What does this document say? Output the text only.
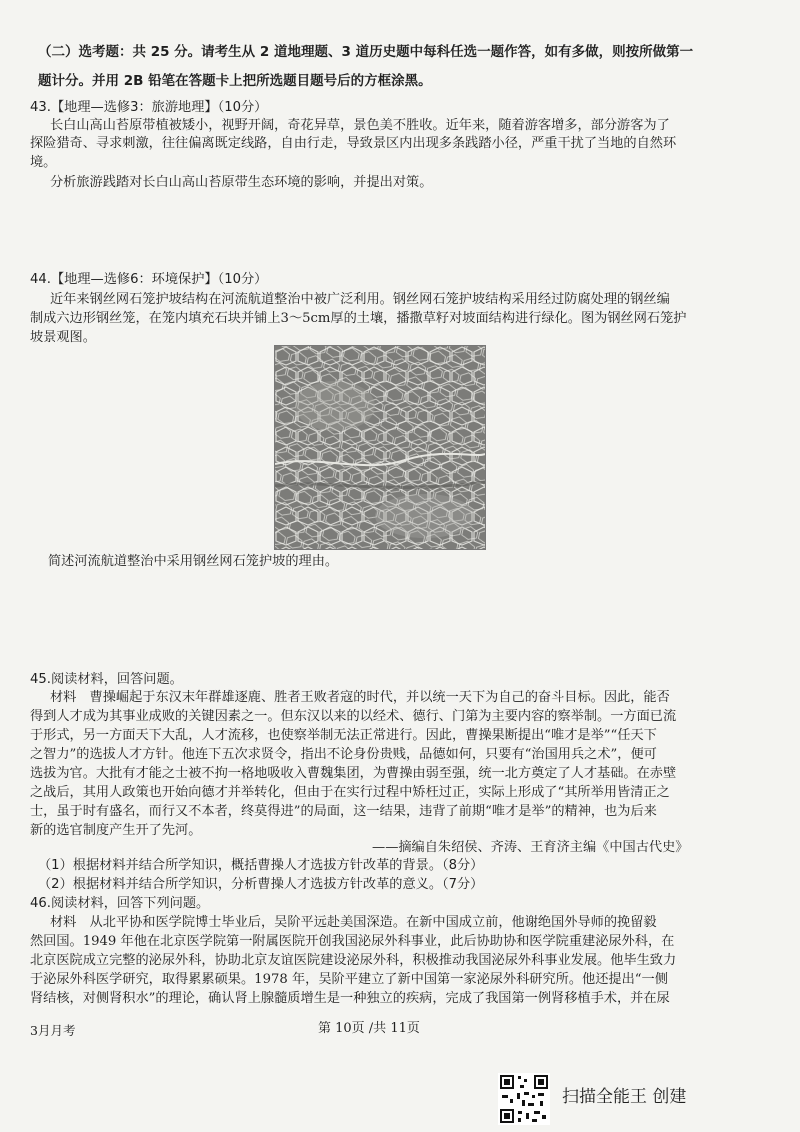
（二）选考题：共 25 分。请考生从 2 道地理题、3 道历史题中每科任选一题作答，如有多做，则按所做第一
题计分。并用 2B 铅笔在答题卡上把所选题目题号后的方框涂黑。
43.【地理—选修3：旅游地理】（10分）
长白山高山苔原带植被矮小，视野开阔，奇花异草，景色美不胜收。近年来，随着游客增多，部分游客为了
探险猎奇、寻求刺激，往往偏离既定线路，自由行走，导致景区内出现多条践踏小径，严重干扰了当地的自然环
境。
分析旅游践踏对长白山高山苔原带生态环境的影响，并提出对策。
44.【地理—选修6：环境保护】（10分）
近年来钢丝网石笼护坡结构在河流航道整治中被广泛利用。钢丝网石笼护坡结构采用经过防腐处理的钢丝编
制成六边形钢丝笼，在笼内填充石块并铺上3～5cm厚的土壤，播撒草籽对坡面结构进行绿化。图为钢丝网石笼护
坡景观图。
简述河流航道整治中采用钢丝网石笼护坡的理由。
45.阅读材料，回答问题。
材料　曹操崛起于东汉末年群雄逐鹿、胜者王败者寇的时代，并以统一天下为自己的奋斗目标。因此，能否
得到人才成为其事业成败的关键因素之一。但东汉以来的以经术、德行、门第为主要内容的察举制。一方面已流
于形式，另一方面天下大乱，人才流移，也使察举制无法正常进行。因此，曹操果断提出“唯才是举”“任天下
之智力”的选拔人才方针。他连下五次求贤令，指出不论身份贵贱，品德如何，只要有“治国用兵之术”，便可
选拔为官。大批有才能之士被不拘一格地吸收入曹魏集团，为曹操由弱至强，统一北方奠定了人才基础。在赤壁
之战后，其用人政策也开始向德才并举转化，但由于在实行过程中矫枉过正，实际上形成了“其所举用皆清正之
士，虽于时有盛名，而行又不本者，终莫得进”的局面，这一结果，违背了前期“唯才是举”的精神，也为后来
新的选官制度产生开了先河。
——摘编自朱绍侯、齐涛、王育济主编《中国古代史》
（1）根据材料并结合所学知识，概括曹操人才选拔方针改革的背景。（8分）
（2）根据材料并结合所学知识，分析曹操人才选拔方针改革的意义。（7分）
46.阅读材料，回答下列问题。
材料　从北平协和医学院博士毕业后，吴阶平远赴美国深造。在新中国成立前，他谢绝国外导师的挽留毅
然回国。1949 年他在北京医学院第一附属医院开创我国泌尿外科事业，此后协助协和医学院重建泌尿外科，在
北京医院成立完整的泌尿外科，协助北京友谊医院建设泌尿外科，积极推动我国泌尿外科事业发展。他毕生致力
于泌尿外科医学研究，取得累累硕果。1978 年，吴阶平建立了新中国第一家泌尿外科研究所。他还提出“一侧
肾结核，对侧肾积水”的理论，确认肾上腺髓质增生是一种独立的疾病，完成了我国第一例肾移植手术，并在尿
3月月考	第 10页 /共 11页
扫描全能王 创建
